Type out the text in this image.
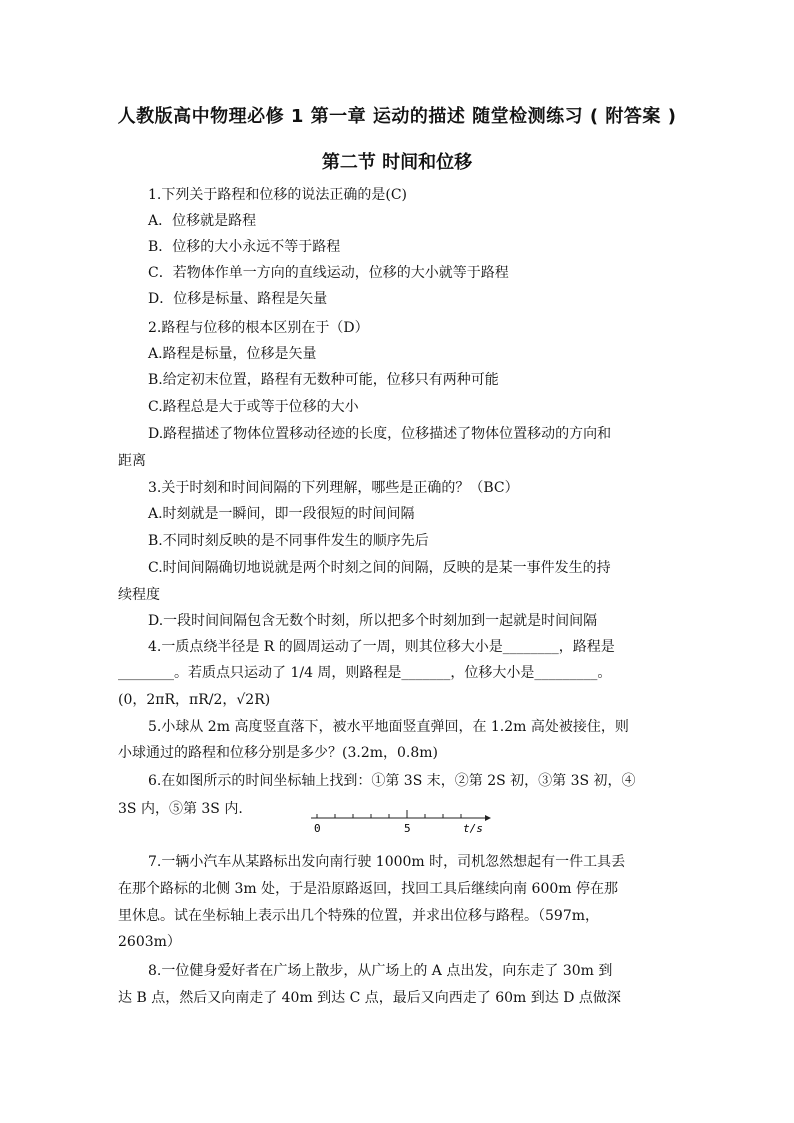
人教版高中物理必修 1 第一章 运动的描述 随堂检测练习 ( 附答案 )
第二节 时间和位移
1.下列关于路程和位移的说法正确的是(C)
A．位移就是路程
B．位移的大小永远不等于路程
C．若物体作单一方向的直线运动，位移的大小就等于路程
D．位移是标量、路程是矢量
2.路程与位移的根本区别在于（D）
A.路程是标量，位移是矢量
B.给定初末位置，路程有无数种可能，位移只有两种可能
C.路程总是大于或等于位移的大小
D.路程描述了物体位置移动径迹的长度，位移描述了物体位置移动的方向和
距离
3.关于时刻和时间间隔的下列理解，哪些是正确的？（BC）
A.时刻就是一瞬间，即一段很短的时间间隔
B.不同时刻反映的是不同事件发生的顺序先后
C.时间间隔确切地说就是两个时刻之间的间隔，反映的是某一事件发生的持
续程度
D.一段时间间隔包含无数个时刻，所以把多个时刻加到一起就是时间间隔
4.一质点绕半径是 R 的圆周运动了一周，则其位移大小是________，路程是
________。若质点只运动了 1/4 周，则路程是_______，位移大小是_________。
(0，2πR，πR/2，√2R)
5.小球从 2m 高度竖直落下，被水平地面竖直弹回，在 1.2m 高处被接住，则
小球通过的路程和位移分别是多少？(3.2m，0.8m)
6.在如图所示的时间坐标轴上找到：①第 3S 末，②第 2S 初，③第 3S 初，④
3S 内，⑤第 3S 内.
0	5	t/s
7.一辆小汽车从某路标出发向南行驶 1000m 时，司机忽然想起有一件工具丢
在那个路标的北侧 3m 处，于是沿原路返回，找回工具后继续向南 600m 停在那
里休息。试在坐标轴上表示出几个特殊的位置，并求出位移与路程。（597m，
2603m）
8.一位健身爱好者在广场上散步，从广场上的 A 点出发，向东走了 30m 到
达 B 点，然后又向南走了 40m 到达 C 点，最后又向西走了 60m 到达 D 点做深
